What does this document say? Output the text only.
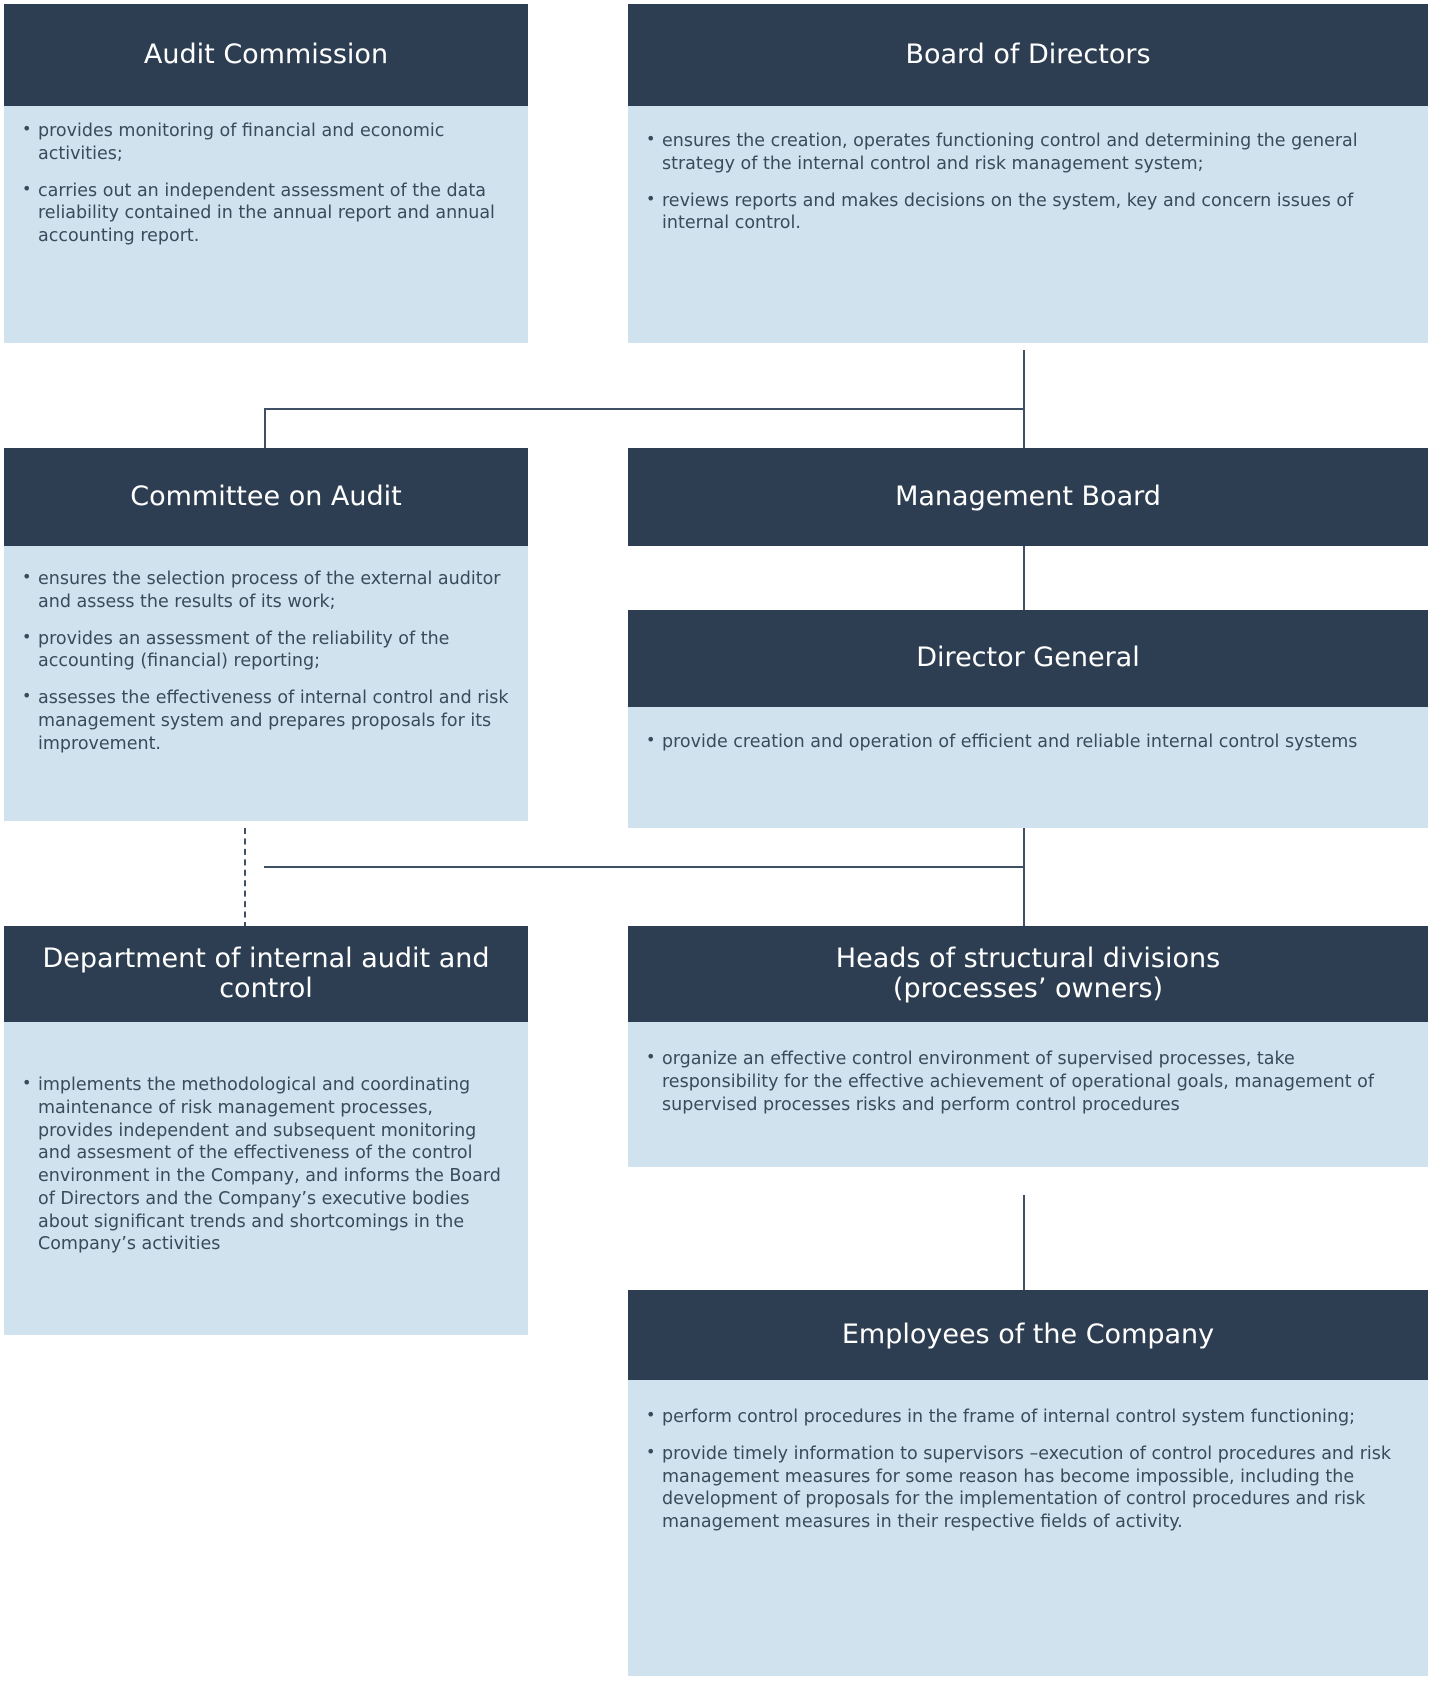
Audit Commission
• provides monitoring of financial and economic activities;
• carries out an independent assessment of the data reliability contained in the annual report and annual accounting report.
Board of Directors
• ensures the creation, operates functioning control and determining the general strategy of the internal control and risk management system;
• reviews reports and makes decisions on the system, key and concern issues of internal control.
Committee on Audit
• ensures the selection process of the external auditor and assess the results of its work;
• provides an assessment of the reliability of the accounting (financial) reporting;
• assesses the effectiveness of internal control and risk management system and prepares proposals for its improvement.
Management Board
Director General
• provide creation and operation of efficient and reliable internal control systems
Department of internal audit and control
• implements the methodological and coordinating maintenance of risk management processes, provides independent and subsequent monitoring and assesment of the effectiveness of the control environment in the Company, and informs the Board of Directors and the Company’s executive bodies about significant trends and shortcomings in the Company’s activities
Heads of structural divisions
(processes’ owners)
• organize an effective control environment of supervised processes, take responsibility for the effective achievement of operational goals, management of supervised processes risks and perform control procedures
Employees of the Company
• perform control procedures in the frame of internal control system functioning;
• provide timely information to supervisors –execution of control procedures and risk management measures for some reason has become impossible, including the development of proposals for the implementation of control procedures and risk management measures in their respective fields of activity.
